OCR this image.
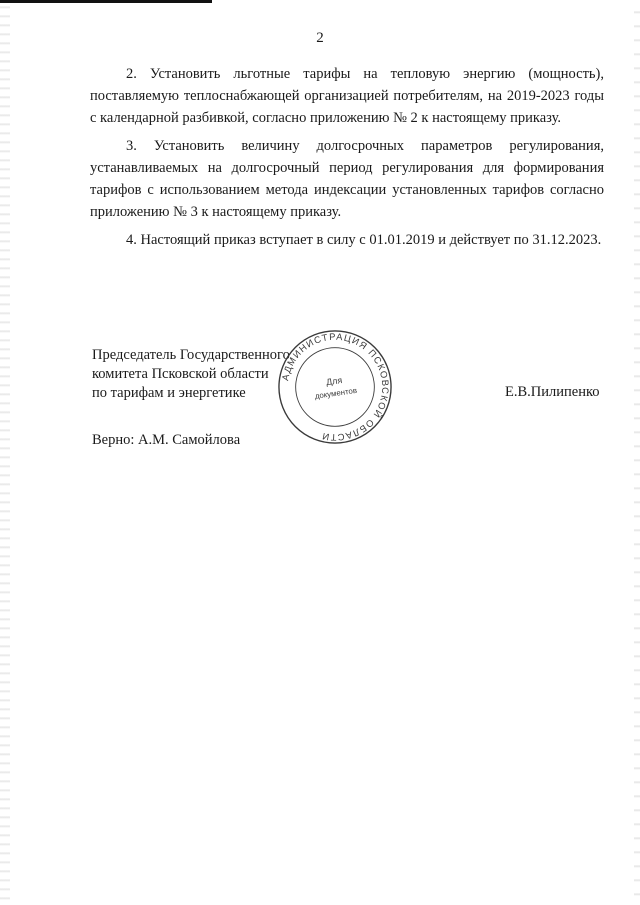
2

2. Установить льготные тарифы на тепловую энергию (мощность), поставляемую теплоснабжающей организацией потребителям, на 2019-2023 годы с календарной разбивкой, согласно приложению № 2 к настоящему приказу.

3. Установить величину долгосрочных параметров регулирования, устанавливаемых на долгосрочный период регулирования для формирования тарифов с использованием метода индексации установленных тарифов согласно приложению № 3 к настоящему приказу.

4. Настоящий приказ вступает в силу с 01.01.2019 и действует по 31.12.2023.

Председатель Государственного
комитета Псковской области
по тарифам и энергетике	Е.В.Пилипенко
Верно: А.М. Самойлова
АДМИНИСТРАЦИЯ ПСКОВСКОЙ ОБЛАСТИ
Для
документов
